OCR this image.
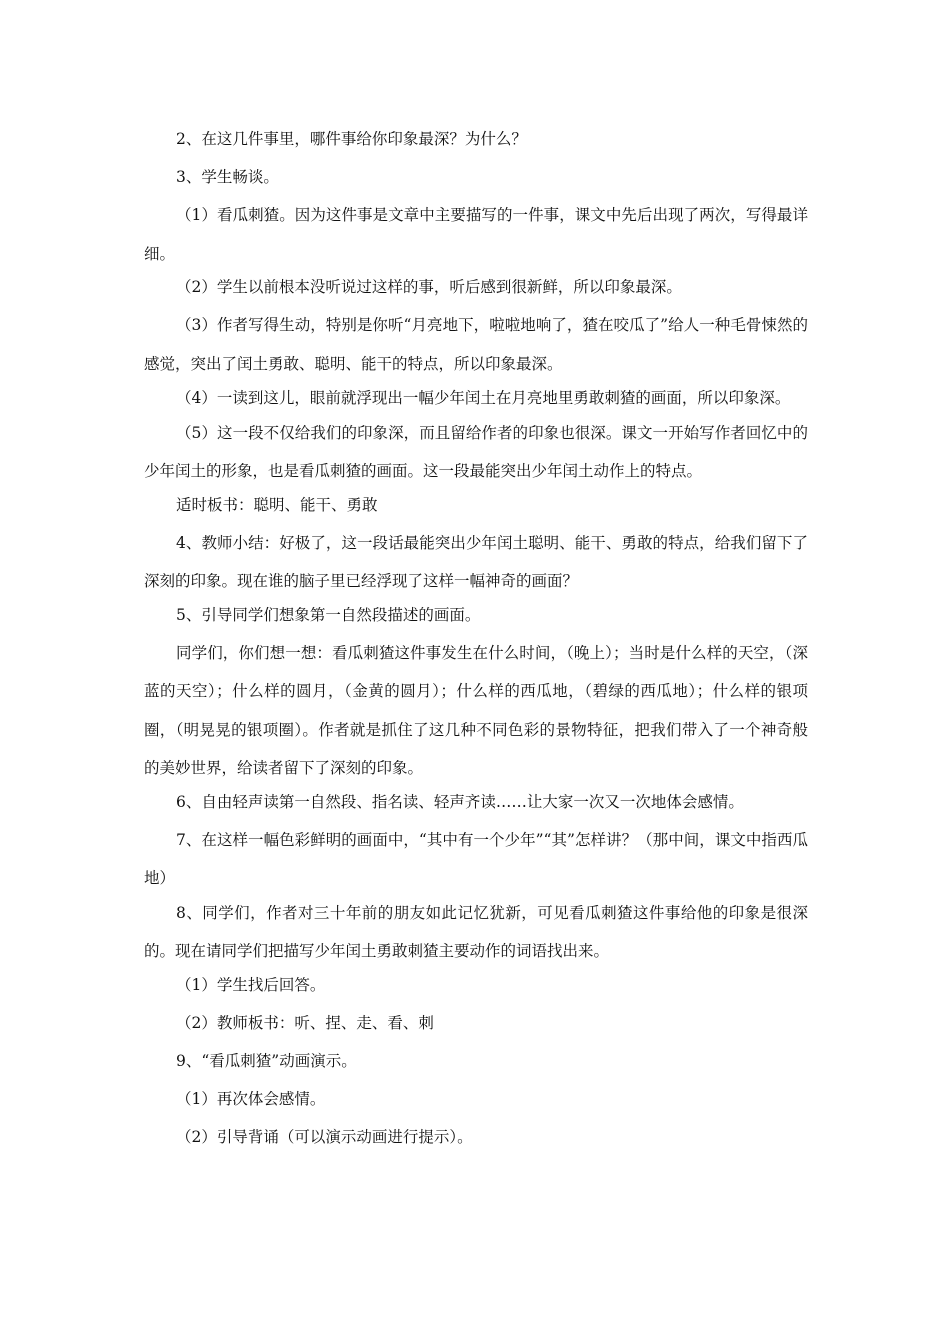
2、在这几件事里，哪件事给你印象最深？为什么？

3、学生畅谈。

（1）看瓜刺猹。因为这件事是文章中主要描写的一件事，课文中先后出现了两次，写得最详细。

（2）学生以前根本没听说过这样的事，听后感到很新鲜，所以印象最深。

（3）作者写得生动，特别是你听“月亮地下，啦啦地响了，猹在咬瓜了”给人一种毛骨悚然的感觉，突出了闰土勇敢、聪明、能干的特点，所以印象最深。

（4）一读到这儿，眼前就浮现出一幅少年闰土在月亮地里勇敢刺猹的画面，所以印象深。

（5）这一段不仅给我们的印象深，而且留给作者的印象也很深。课文一开始写作者回忆中的少年闰土的形象，也是看瓜刺猹的画面。这一段最能突出少年闰土动作上的特点。

适时板书：聪明、能干、勇敢

4、教师小结：好极了，这一段话最能突出少年闰土聪明、能干、勇敢的特点，给我们留下了深刻的印象。现在谁的脑子里已经浮现了这样一幅神奇的画面？

5、引导同学们想象第一自然段描述的画面。

同学们，你们想一想：看瓜刺猹这件事发生在什么时间，（晚上）；当时是什么样的天空，（深蓝的天空）；什么样的圆月，（金黄的圆月）；什么样的西瓜地，（碧绿的西瓜地）；什么样的银项圈，（明晃晃的银项圈）。作者就是抓住了这几种不同色彩的景物特征，把我们带入了一个神奇般的美妙世界，给读者留下了深刻的印象。

6、自由轻声读第一自然段、指名读、轻声齐读……让大家一次又一次地体会感情。

7、在这样一幅色彩鲜明的画面中，“其中有一个少年”“其”怎样讲？（那中间，课文中指西瓜地）

8、同学们，作者对三十年前的朋友如此记忆犹新，可见看瓜刺猹这件事给他的印象是很深的。现在请同学们把描写少年闰土勇敢刺猹主要动作的词语找出来。

（1）学生找后回答。

（2）教师板书：听、捏、走、看、刺

9、“看瓜刺猹”动画演示。

（1）再次体会感情。

（2）引导背诵（可以演示动画进行提示）。
